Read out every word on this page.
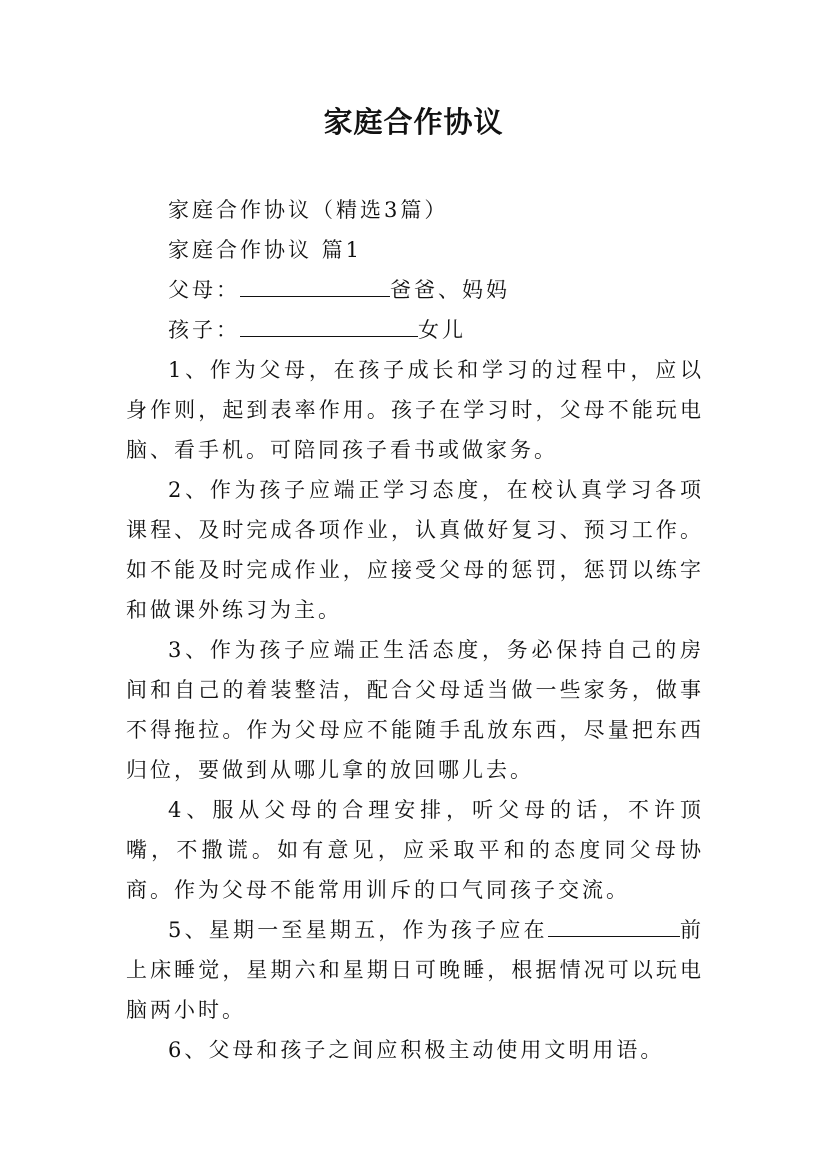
家庭合作协议

家庭合作协议（精选3篇）

家庭合作协议 篇1

父母：	爸爸、妈妈

孩子：	女儿

1、作为父母，在孩子成长和学习的过程中，应以身作则，起到表率作用。孩子在学习时，父母不能玩电脑、看手机。可陪同孩子看书或做家务。

2、作为孩子应端正学习态度，在校认真学习各项课程、及时完成各项作业，认真做好复习、预习工作。如不能及时完成作业，应接受父母的惩罚，惩罚以练字和做课外练习为主。

3、作为孩子应端正生活态度，务必保持自己的房间和自己的着装整洁，配合父母适当做一些家务，做事不得拖拉。作为父母应不能随手乱放东西，尽量把东西归位，要做到从哪儿拿的放回哪儿去。

4、服从父母的合理安排，听父母的话，不许顶嘴，不撒谎。如有意见，应采取平和的态度同父母协商。作为父母不能常用训斥的口气同孩子交流。

5、星期一至星期五，作为孩子应在	前上床睡觉，星期六和星期日可晚睡，根据情况可以玩电脑两小时。

6、父母和孩子之间应积极主动使用文明用语。
